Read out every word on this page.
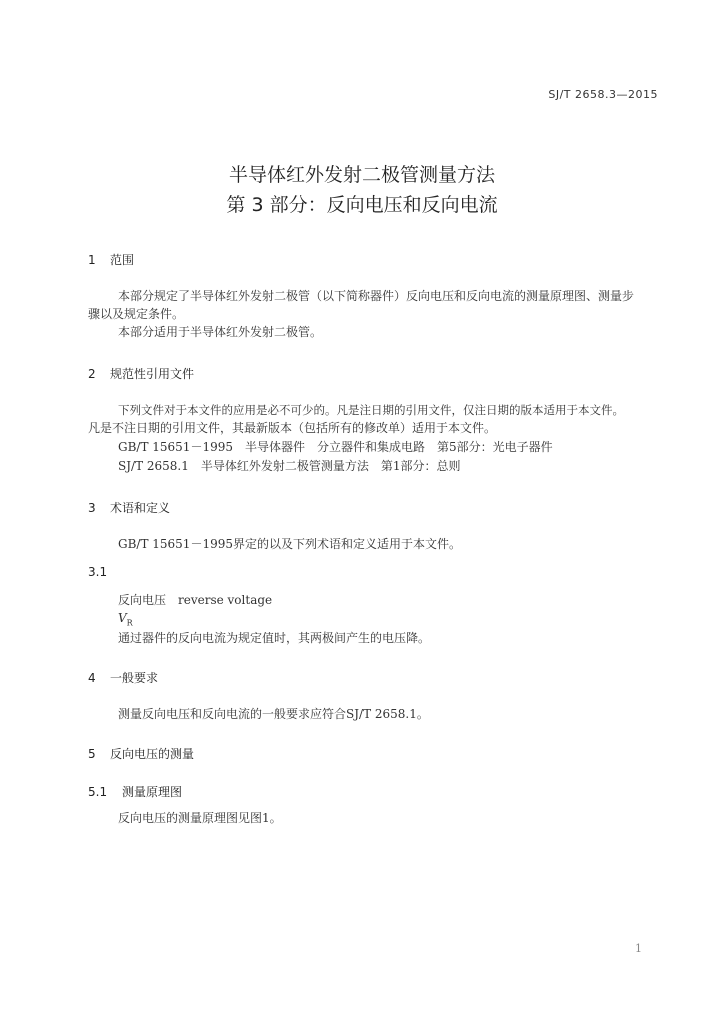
SJ/T 2658.3—2015
半导体红外发射二极管测量方法
第 3 部分：反向电压和反向电流
1 范围
本部分规定了半导体红外发射二极管（以下简称器件）反向电压和反向电流的测量原理图、测量步
骤以及规定条件。
本部分适用于半导体红外发射二极管。
2 规范性引用文件
下列文件对于本文件的应用是必不可少的。凡是注日期的引用文件，仅注日期的版本适用于本文件。
凡是不注日期的引用文件，其最新版本（包括所有的修改单）适用于本文件。
GB/T 15651－1995　半导体器件　分立器件和集成电路　第5部分：光电子器件
SJ/T 2658.1　半导体红外发射二极管测量方法　第1部分：总则
3 术语和定义
GB/T 15651－1995界定的以及下列术语和定义适用于本文件。
3.1
反向电压　reverse voltage
$V_R$
通过器件的反向电流为规定值时，其两极间产生的电压降。
4 一般要求
测量反向电压和反向电流的一般要求应符合SJ/T 2658.1。
5 反向电压的测量
5.1 测量原理图
反向电压的测量原理图见图1。
1
